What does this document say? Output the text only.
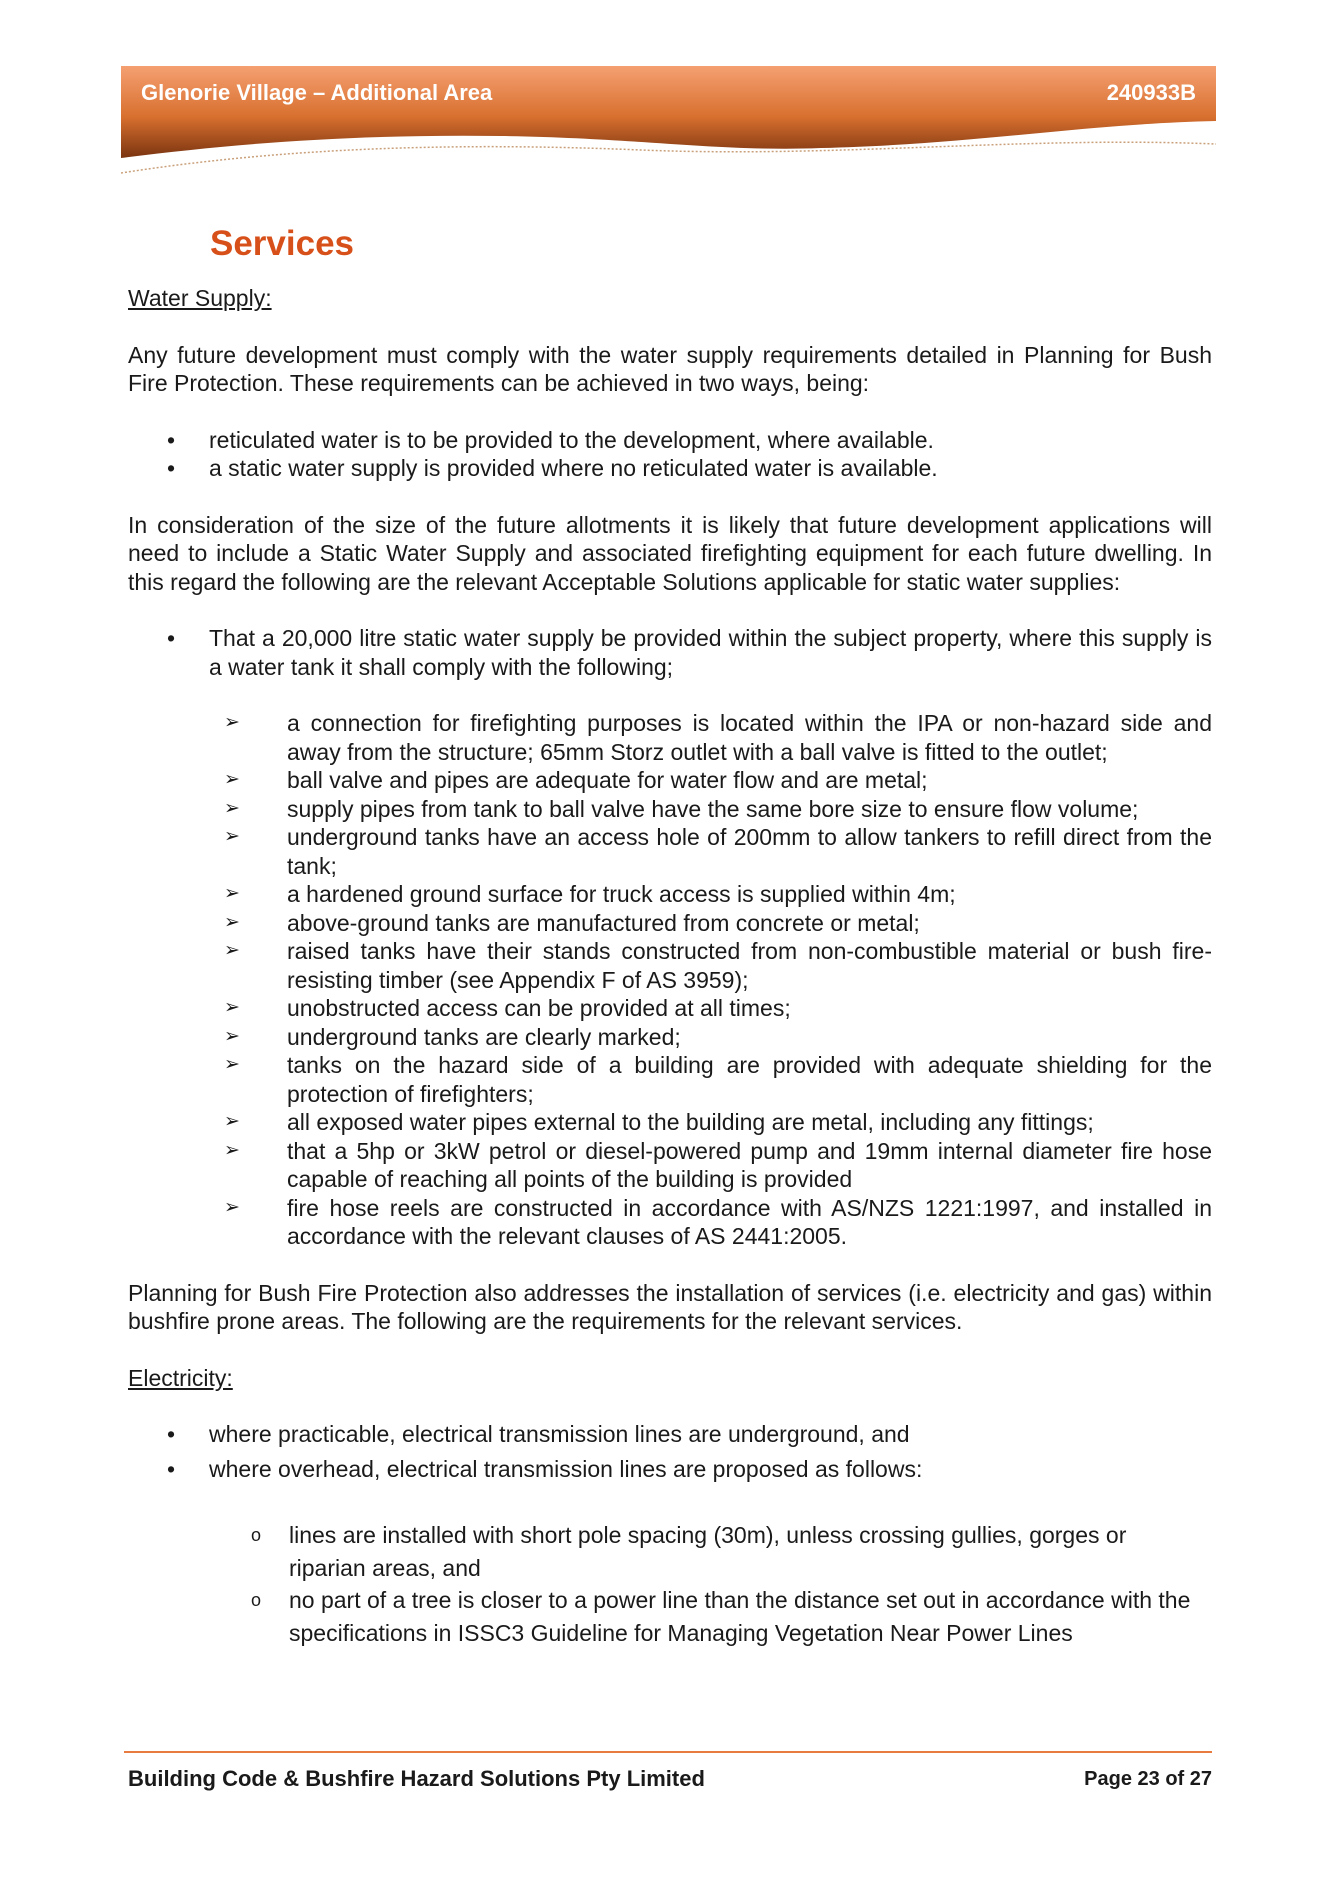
Glenorie Village – Additional Area	240933B
Services

Water Supply:

Any future development must comply with the water supply requirements detailed in Planning for Bush Fire Protection. These requirements can be achieved in two ways, being:

• reticulated water is to be provided to the development, where available.
• a static water supply is provided where no reticulated water is available.

In consideration of the size of the future allotments it is likely that future development applications will need to include a Static Water Supply and associated firefighting equipment for each future dwelling. In this regard the following are the relevant Acceptable Solutions applicable for static water supplies:

• That a 20,000 litre static water supply be provided within the subject property, where this supply is a water tank it shall comply with the following;
➢ a connection for firefighting purposes is located within the IPA or non-hazard side and away from the structure; 65mm Storz outlet with a ball valve is fitted to the outlet;
➢ ball valve and pipes are adequate for water flow and are metal;
➢ supply pipes from tank to ball valve have the same bore size to ensure flow volume;
➢ underground tanks have an access hole of 200mm to allow tankers to refill direct from the tank;
➢ a hardened ground surface for truck access is supplied within 4m;
➢ above-ground tanks are manufactured from concrete or metal;
➢ raised tanks have their stands constructed from non-combustible material or bush fire-resisting timber (see Appendix F of AS 3959);
➢ unobstructed access can be provided at all times;
➢ underground tanks are clearly marked;
➢ tanks on the hazard side of a building are provided with adequate shielding for the protection of firefighters;
➢ all exposed water pipes external to the building are metal, including any fittings;
➢ that a 5hp or 3kW petrol or diesel-powered pump and 19mm internal diameter fire hose capable of reaching all points of the building is provided
➢ fire hose reels are constructed in accordance with AS/NZS 1221:1997, and installed in accordance with the relevant clauses of AS 2441:2005.

Planning for Bush Fire Protection also addresses the installation of services (i.e. electricity and gas) within bushfire prone areas. The following are the requirements for the relevant services.

Electricity:

• where practicable, electrical transmission lines are underground, and
• where overhead, electrical transmission lines are proposed as follows:
o lines are installed with short pole spacing (30m), unless crossing gullies, gorges or riparian areas, and
o no part of a tree is closer to a power line than the distance set out in accordance with the specifications in ISSC3 Guideline for Managing Vegetation Near Power Lines
Building Code & Bushfire Hazard Solutions Pty Limited	Page 23 of 27
